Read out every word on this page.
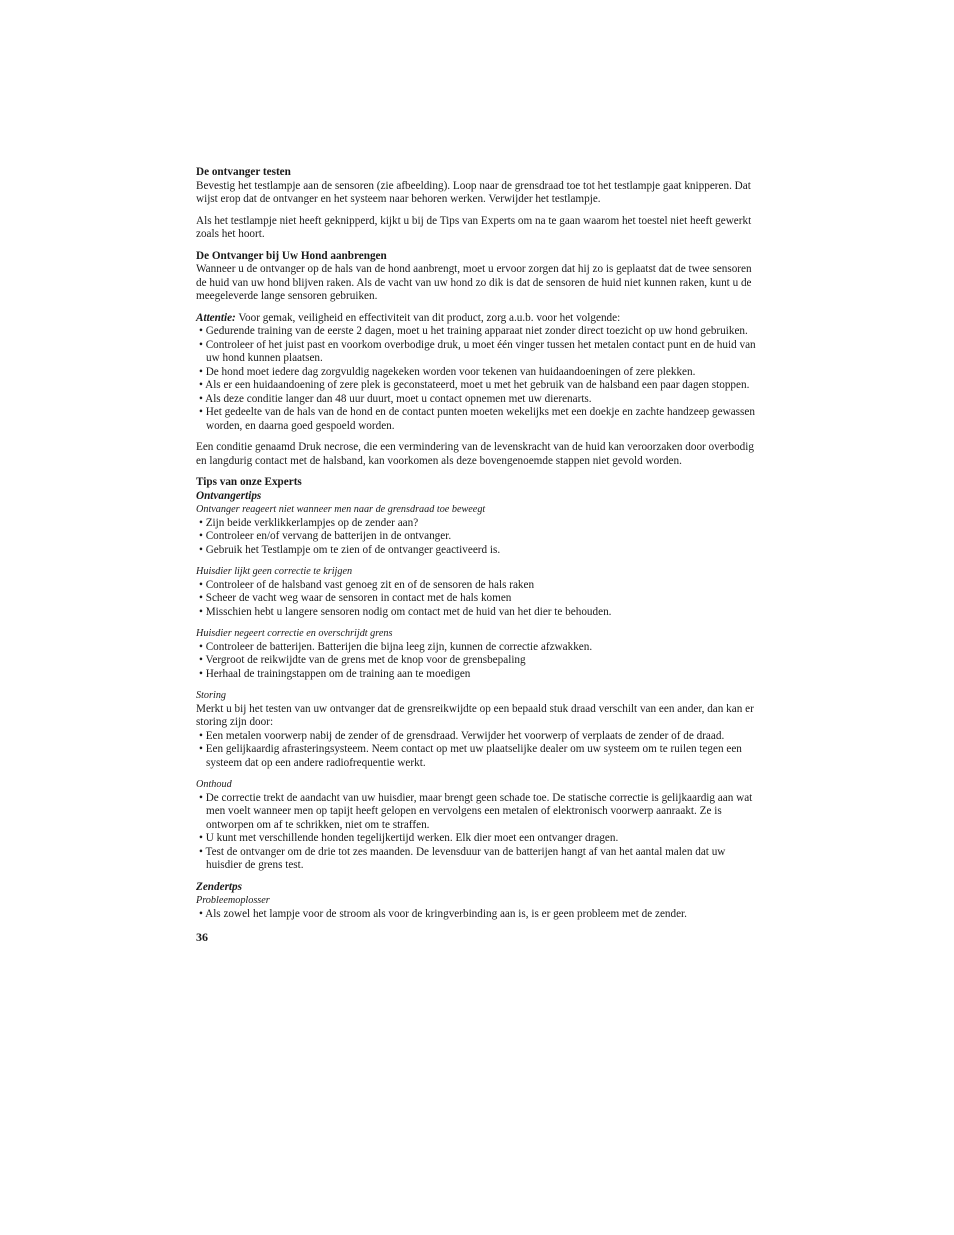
De ontvanger testen

Bevestig het testlampje aan de sensoren (zie afbeelding). Loop naar de grensdraad toe tot het testlampje gaat knipperen. Dat wijst erop dat de ontvanger en het systeem naar behoren werken. Verwijder het testlampje.

Als het testlampje niet heeft geknipperd, kijkt u bij de Tips van Experts om na te gaan waarom het toestel niet heeft gewerkt zoals het hoort.

De Ontvanger bij Uw Hond aanbrengen

Wanneer u de ontvanger op de hals van de hond aanbrengt, moet u ervoor zorgen dat hij zo is geplaatst dat de twee sensoren de huid van uw hond blijven raken. Als de vacht van uw hond zo dik is dat de sensoren de huid niet kunnen raken, kunt u de meegeleverde lange sensoren gebruiken.

Attentie: Voor gemak, veiligheid en effectiviteit van dit product, zorg a.u.b. voor het volgende:

• Gedurende training van de eerste 2 dagen, moet u het training apparaat niet zonder direct toezicht op uw hond gebruiken.
• Controleer of het juist past en voorkom overbodige druk, u moet één vinger tussen het metalen contact punt en de huid van uw hond kunnen plaatsen.
• De hond moet iedere dag zorgvuldig nagekeken worden voor tekenen van huidaandoeningen of zere plekken.
• Als er een huidaandoening of zere plek is geconstateerd, moet u met het gebruik van de halsband een paar dagen stoppen.
• Als deze conditie langer dan 48 uur duurt, moet u contact opnemen met uw dierenarts.
• Het gedeelte van de hals van de hond en de contact punten moeten wekelijks met een doekje en zachte handzeep gewassen worden, en daarna goed gespoeld worden.

Een conditie genaamd Druk necrose, die een vermindering van de levenskracht van de huid kan veroorzaken door overbodig en langdurig contact met de halsband, kan voorkomen als deze bovengenoemde stappen niet gevold worden.

Tips van onze Experts

Ontvangertips

Ontvanger reageert niet wanneer men naar de grensdraad toe beweegt

• Zijn beide verklikkerlampjes op de zender aan?
• Controleer en/of vervang de batterijen in de ontvanger.
• Gebruik het Testlampje om te zien of de ontvanger geactiveerd is.

Huisdier lijkt geen correctie te krijgen

• Controleer of de halsband vast genoeg zit en of de sensoren de hals raken
• Scheer de vacht weg waar de sensoren in contact met de hals komen
• Misschien hebt u langere sensoren nodig om contact met de huid van het dier te behouden.

Huisdier negeert correctie en overschrijdt grens

• Controleer de batterijen. Batterijen die bijna leeg zijn, kunnen de correctie afzwakken.
• Vergroot de reikwijdte van de grens met de knop voor de grensbepaling
• Herhaal de trainingstappen om de training aan te moedigen

Storing

Merkt u bij het testen van uw ontvanger dat de grensreikwijdte op een bepaald stuk draad verschilt van een ander, dan kan er storing zijn door:

• Een metalen voorwerp nabij de zender of de grensdraad. Verwijder het voorwerp of verplaats de zender of de draad.
• Een gelijkaardig afrasteringsysteem. Neem contact op met uw plaatselijke dealer om uw systeem om te ruilen tegen een systeem dat op een andere radiofrequentie werkt.

Onthoud

• De correctie trekt de aandacht van uw huisdier, maar brengt geen schade toe. De statische correctie is gelijkaardig aan wat men voelt wanneer men op tapijt heeft gelopen en vervolgens een metalen of elektronisch voorwerp aanraakt. Ze is ontworpen om af te schrikken, niet om te straffen.
• U kunt met verschillende honden tegelijkertijd werken. Elk dier moet een ontvanger dragen.
• Test de ontvanger om de drie tot zes maanden. De levensduur van de batterijen hangt af van het aantal malen dat uw huisdier de grens test.

Zendertps

Probleemoplosser

• Als zowel het lampje voor de stroom als voor de kringverbinding aan is, is er geen probleem met de zender.

36
